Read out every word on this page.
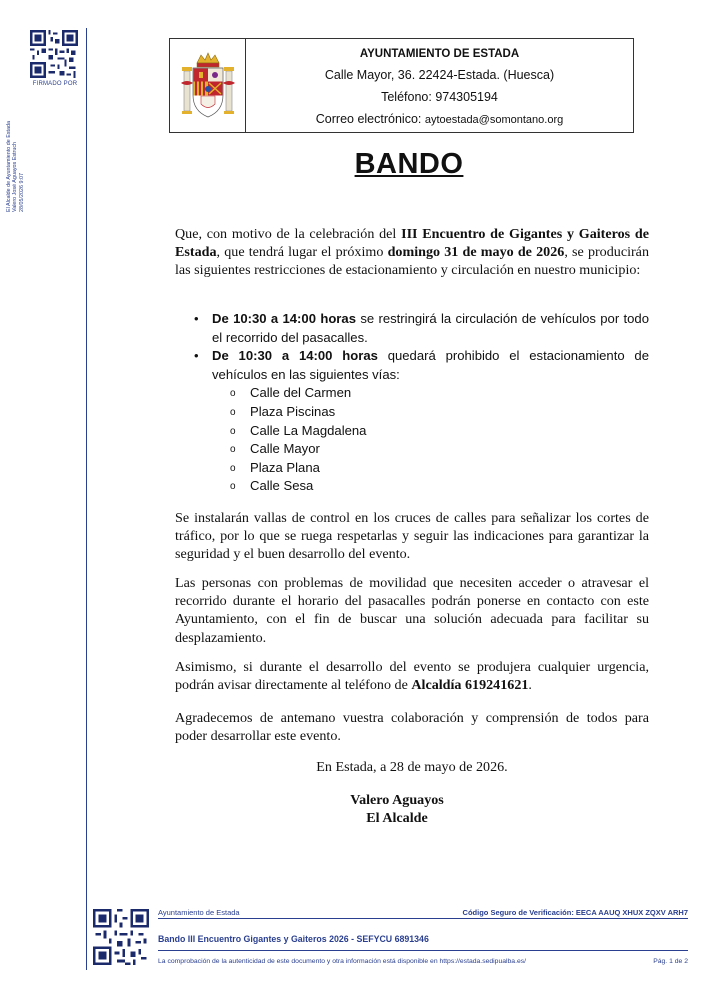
FIRMADO POR
El Alcalde de Ayuntamiento de Estada Valero José Aguayos Estruch 28/05/2026 9:07
AYUNTAMIENTO DE ESTADA
Calle Mayor, 36. 22424-Estada. (Huesca)
Teléfono: 974305194
Correo electrónico: aytoestada@somontano.org
BANDO
Que, con motivo de la celebración del III Encuentro de Gigantes y Gaiteros de Estada, que tendrá lugar el próximo domingo 31 de mayo de 2026, se producirán las siguientes restricciones de estacionamiento y circulación en nuestro municipio:
• De 10:30 a 14:00 horas se restringirá la circulación de vehículos por todo el recorrido del pasacalles.
• De 10:30 a 14:00 horas quedará prohibido el estacionamiento de vehículos en las siguientes vías:
o Calle del Carmen
o Plaza Piscinas
o Calle La Magdalena
o Calle Mayor
o Plaza Plana
o Calle Sesa
Se instalarán vallas de control en los cruces de calles para señalizar los cortes de tráfico, por lo que se ruega respetarlas y seguir las indicaciones para garantizar la seguridad y el buen desarrollo del evento.
Las personas con problemas de movilidad que necesiten acceder o atravesar el recorrido durante el horario del pasacalles podrán ponerse en contacto con este Ayuntamiento, con el fin de buscar una solución adecuada para facilitar su desplazamiento.
Asimismo, si durante el desarrollo del evento se produjera cualquier urgencia, podrán avisar directamente al teléfono de Alcaldía 619241621.
Agradecemos de antemano vuestra colaboración y comprensión de todos para poder desarrollar este evento.
En Estada, a 28 de mayo de 2026.
Valero Aguayos
El Alcalde
Ayuntamiento de Estada	Código Seguro de Verificación: EECA AAUQ XHUX ZQXV ARH7
Bando III Encuentro Gigantes y Gaiteros 2026 - SEFYCU 6891346
La comprobación de la autenticidad de este documento y otra información está disponible en https://estada.sedipualba.es/	Pág. 1 de 2
